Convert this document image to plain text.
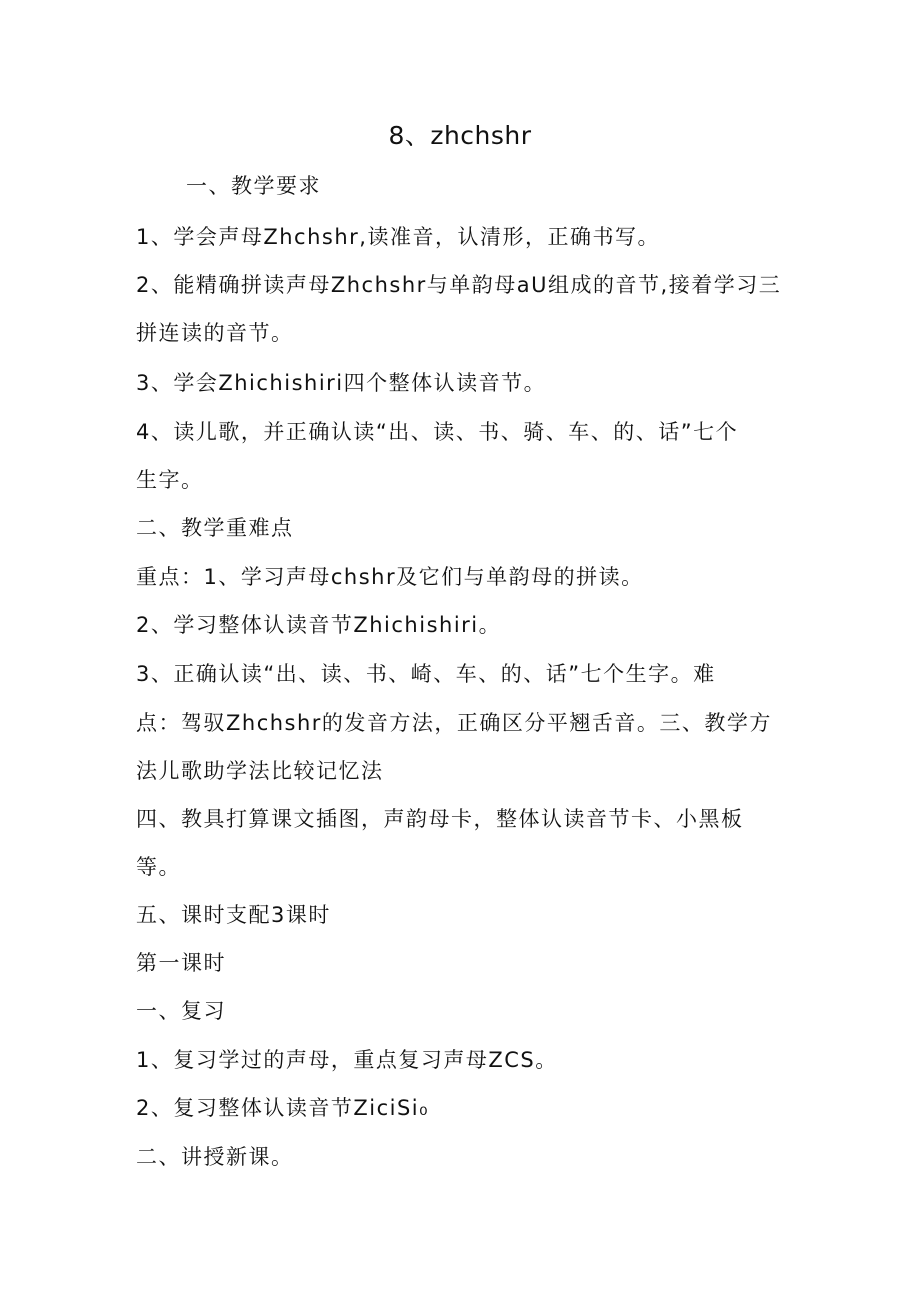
8、zhchshr
一、教学要求
1、学会声母Zhchshr,读准音，认清形，正确书写。
2、能精确拼读声母Zhchshr与单韵母aU组成的音节,接着学习三
拼连读的音节。
3、学会Zhichishiri四个整体认读音节。
4、读儿歌，并正确认读“出、读、书、骑、车、的、话”七个
生字。
二、教学重难点
重点：1、学习声母chshr及它们与单韵母的拼读。
2、学习整体认读音节Zhichishiri。
3、正确认读“出、读、书、崎、车、的、话”七个生字。难
点：驾驭Zhchshr的发音方法，正确区分平翘舌音。三、教学方
法儿歌助学法比较记忆法
四、教具打算课文插图，声韵母卡，整体认读音节卡、小黑板
等。
五、课时支配3课时
第一课时
一、复习
1、复习学过的声母，重点复习声母ZCS。
2、复习整体认读音节ZiciSi₀
二、讲授新课。
